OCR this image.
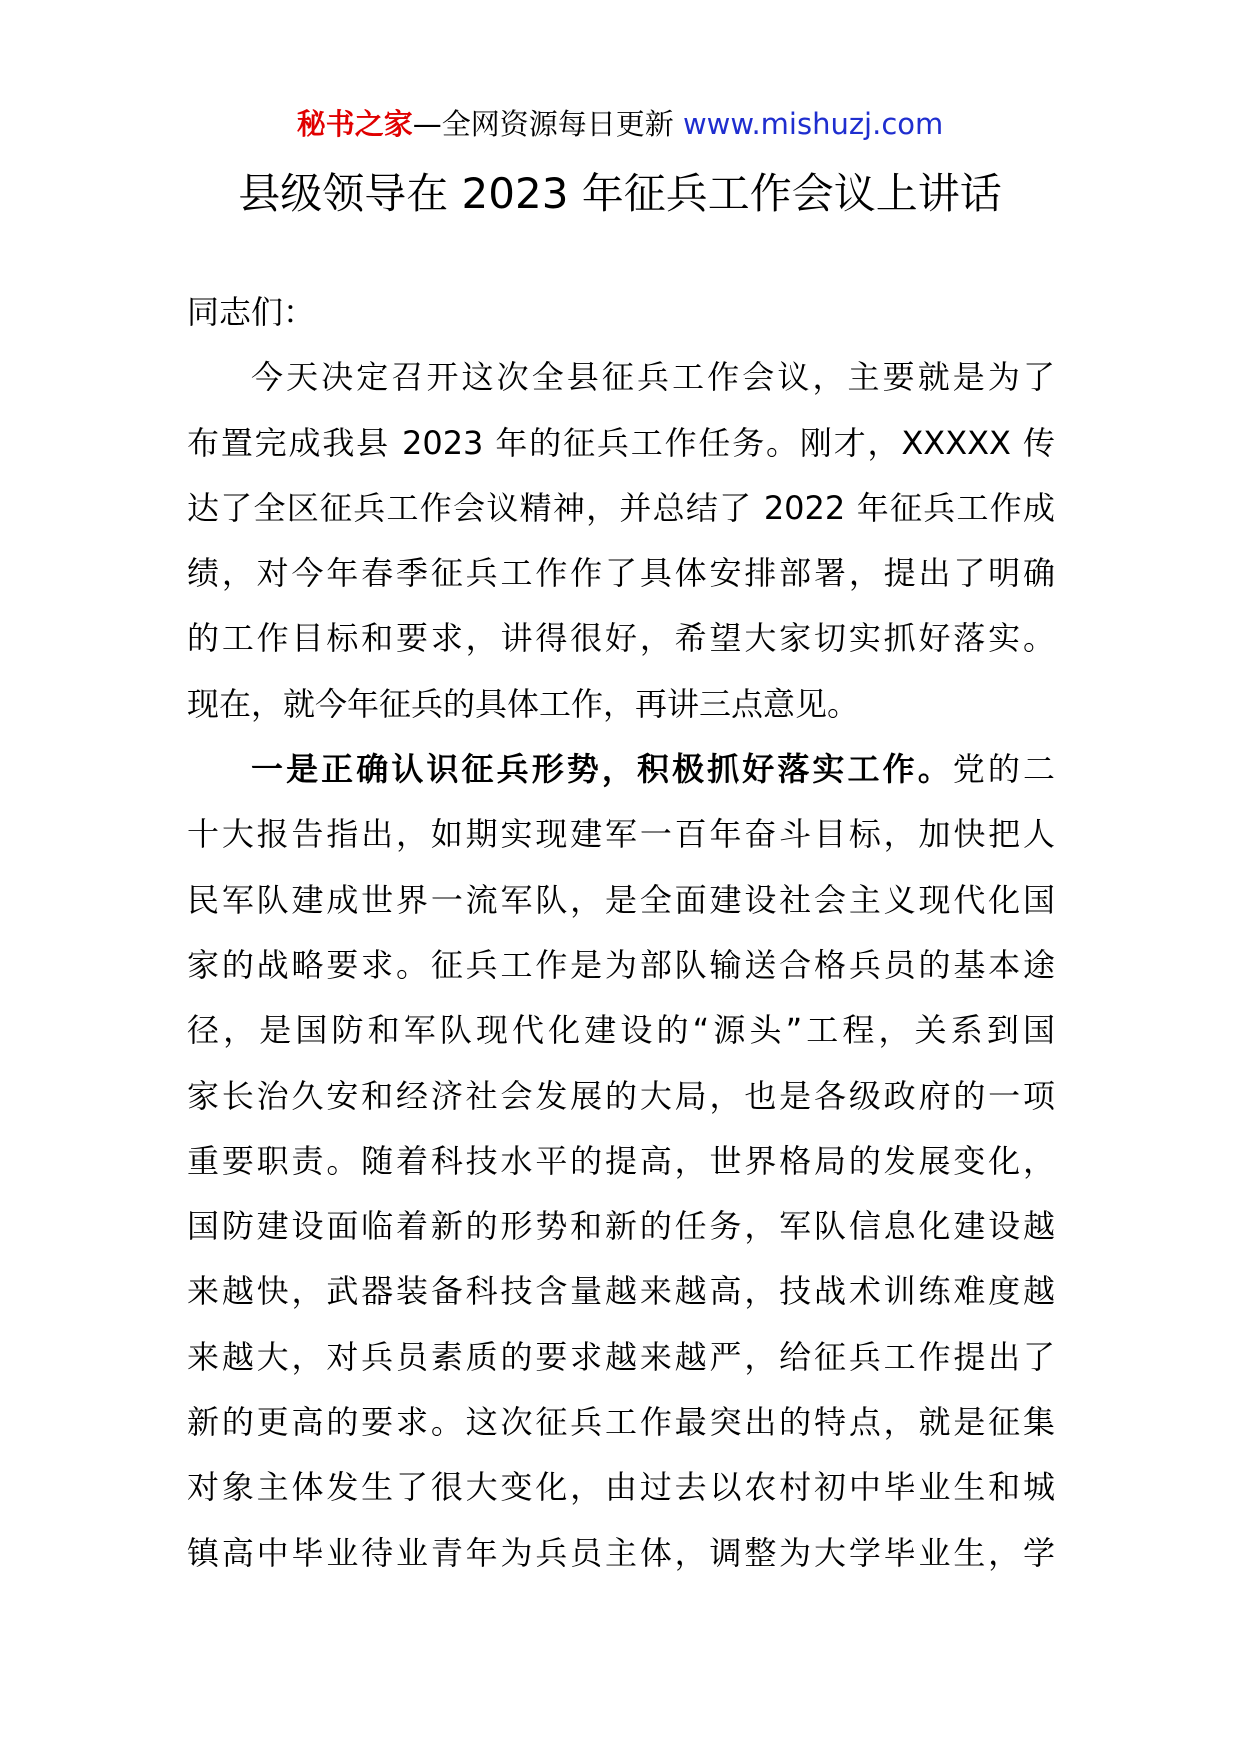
秘书之家—全网资源每日更新 www.mishuzj.com
县级领导在 2023 年征兵工作会议上讲话
同志们：
今天决定召开这次全县征兵工作会议，主要就是为了
布置完成我县 2023 年的征兵工作任务。刚才，XXXXX 传
达了全区征兵工作会议精神，并总结了 2022 年征兵工作成
绩，对今年春季征兵工作作了具体安排部署，提出了明确
的工作目标和要求，讲得很好，希望大家切实抓好落实。
现在，就今年征兵的具体工作，再讲三点意见。
一是正确认识征兵形势，积极抓好落实工作。党的二
十大报告指出，如期实现建军一百年奋斗目标，加快把人
民军队建成世界一流军队，是全面建设社会主义现代化国
家的战略要求。征兵工作是为部队输送合格兵员的基本途
径，是国防和军队现代化建设的“源头”工程，关系到国
家长治久安和经济社会发展的大局，也是各级政府的一项
重要职责。随着科技水平的提高，世界格局的发展变化，
国防建设面临着新的形势和新的任务，军队信息化建设越
来越快，武器装备科技含量越来越高，技战术训练难度越
来越大，对兵员素质的要求越来越严，给征兵工作提出了
新的更高的要求。这次征兵工作最突出的特点，就是征集
对象主体发生了很大变化，由过去以农村初中毕业生和城
镇高中毕业待业青年为兵员主体，调整为大学毕业生，学
